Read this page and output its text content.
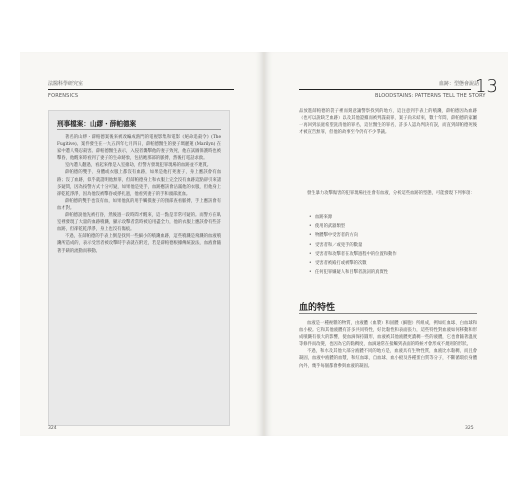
法醫科學研究室
FORENSICS
刑事檔案：山繆・薛帕德案

著名的山繆・薛帕德案後來被改編成熱門的電視影集和電影《絕命追殺令》(The Fugitive)。案件發生在一九五四年七月四日，薛帕德醫生的妻子瑪麗蓮 (Marilyn) 在家中遭人殘忍殺害。薛帕德醫生表示，入侵者襲擊他的妻子致死，他在試圖保護時也被擊昏，他醒來時看到了妻子的生命跡象，包括她那部的脈搏，然後打電話求救。

室內遭人翻過，看起來像是入室搶劫，但警方發現犯罪現場的血跡並不連貫。

薛帕德的雙手、身體或衣服上都沒有血跡，如果是他打死妻子，身上應該會有血跡；沒了血跡，似乎就證明他無罪，但薛帕德身上和衣服上完全沒有血跡這點卻引來諸多疑問，因為按警方式十分可疑，如果他是兇手，血跡應該會沾滿他的衣服，但他身上卻乾乾淨淨，因為他沒被擊昏或掙扎過，他看到妻子的手和頭部流血。

薛帕德的雙手也沒有血，如果他真的用手觸摸妻子的頸部查看脈搏，手上應該會有血才對。

薛帕德說他先被打昏，然後過一段時間才醒來，這一點是非常可疑的。而警方在臥室裡發現了大量的血跡噴濺，顯示攻擊者當時被迫用盡全力，他的衣服上應該會有些許血跡，但卻乾乾淨淨，身上也沒有傷痕。

不過，在薛帕德的手表上倒是找到一些細小的噴濺血跡，這些噴濺是飛濺的血液噴濺所造成的，表示受害者被攻擊時手表就在附近，若是薛帕德根據傳統說法，血液會隨著手錶的流動而移動。

324
血跡：型態會說話
BLOODSTAINS: PATTERNS TELL THE STORY
13

品放進薛帕德的袋子裡而刻意讓警察找到的地方，這注意到手表上的噴濺，薛帕德因為血跡（也可以說缺乏血跡）以及其他證據而被判謀殺罪，案子尚未結束，數十年間，薛帕德的家屬一再回到法庭希望洗清他的罪名，這位醫生的罪名，許多人認為判決有誤，而直到薛帕德死後才被宣告無罪，但他的故事至今仍有不少爭議。

發生暴力攻擊傷害的犯罪現場往往會有血液，分析這些血跡的型態，可能發現下列事項：

• 血跡來源
• 使用的武器類型
• 物體擊中受害者的方向
• 受害者和／或兇手的數量
• 受害者和攻擊者在攻擊過程中的位置和動作
• 受害者被殿打或被擊的次數
• 任何犯罪嫌疑人和目擊者說詞的真實性
血的特性

血液是一種複雜的物質，由液體（血漿）和固體（細胞）所組成，例如紅血球、白血球和血小板。它和其他液體有許多共同特性，好比黏性和表面張力，這些特性對血液如何移動和形成噴濺有很大的影響，使血滴保持圓形，血液被其他液體更濃稠一些的液體，它也會隨著溫度等條件而改變，也因為它的黏稠度，血滴通常在接觸到表面的時候才會形成不規則的形狀。

不過，和水及其他大部分液體不同的地方是，血液具有生物性質，血液比水黏稠，而且會凝固，血液中液體的血漿，和紅血球，自血球、血小板及各種蛋白質等分子，不斷循環於身體內外，幾乎每個都會參與血液的凝固。

325
